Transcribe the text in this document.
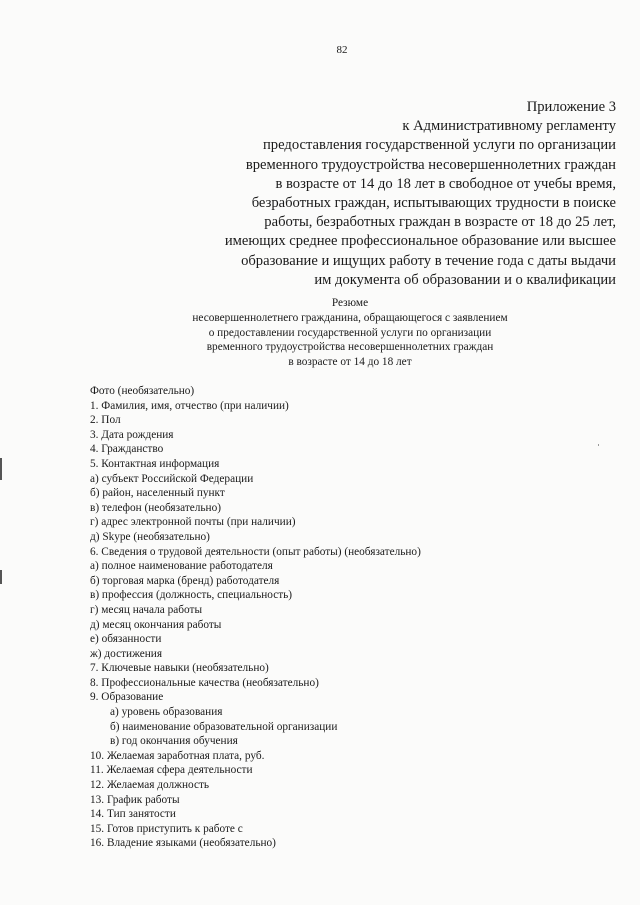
82
Приложение 3
к Административному регламенту
предоставления государственной услуги по организации
временного трудоустройства несовершеннолетних граждан
в возрасте от 14 до 18 лет в свободное от учебы время,
безработных граждан, испытывающих трудности в поиске
работы, безработных граждан в возрасте от 18 до 25 лет,
имеющих среднее профессиональное образование или высшее
образование и ищущих работу в течение года с даты выдачи
им документа об образовании и о квалификации
Резюме
несовершеннолетнего гражданина, обращающегося с заявлением
о предоставлении государственной услуги по организации
временного трудоустройства несовершеннолетних граждан
в возрасте от 14 до 18 лет
Фото (необязательно)
1. Фамилия, имя, отчество (при наличии)
2. Пол
3. Дата рождения
4. Гражданство
5. Контактная информация
а) субъект Российской Федерации
б) район, населенный пункт
в) телефон (необязательно)
г) адрес электронной почты (при наличии)
д) Skype (необязательно)
6. Сведения о трудовой деятельности (опыт работы) (необязательно)
а) полное наименование работодателя
б) торговая марка (бренд) работодателя
в) профессия (должность, специальность)
г) месяц начала работы
д) месяц окончания работы
е) обязанности
ж) достижения
7. Ключевые навыки (необязательно)
8. Профессиональные качества (необязательно)
9. Образование
а) уровень образования
б) наименование образовательной организации
в) год окончания обучения
10. Желаемая заработная плата, руб.
11. Желаемая сфера деятельности
12. Желаемая должность
13. График работы
14. Тип занятости
15. Готов приступить к работе с
16. Владение языками (необязательно)
